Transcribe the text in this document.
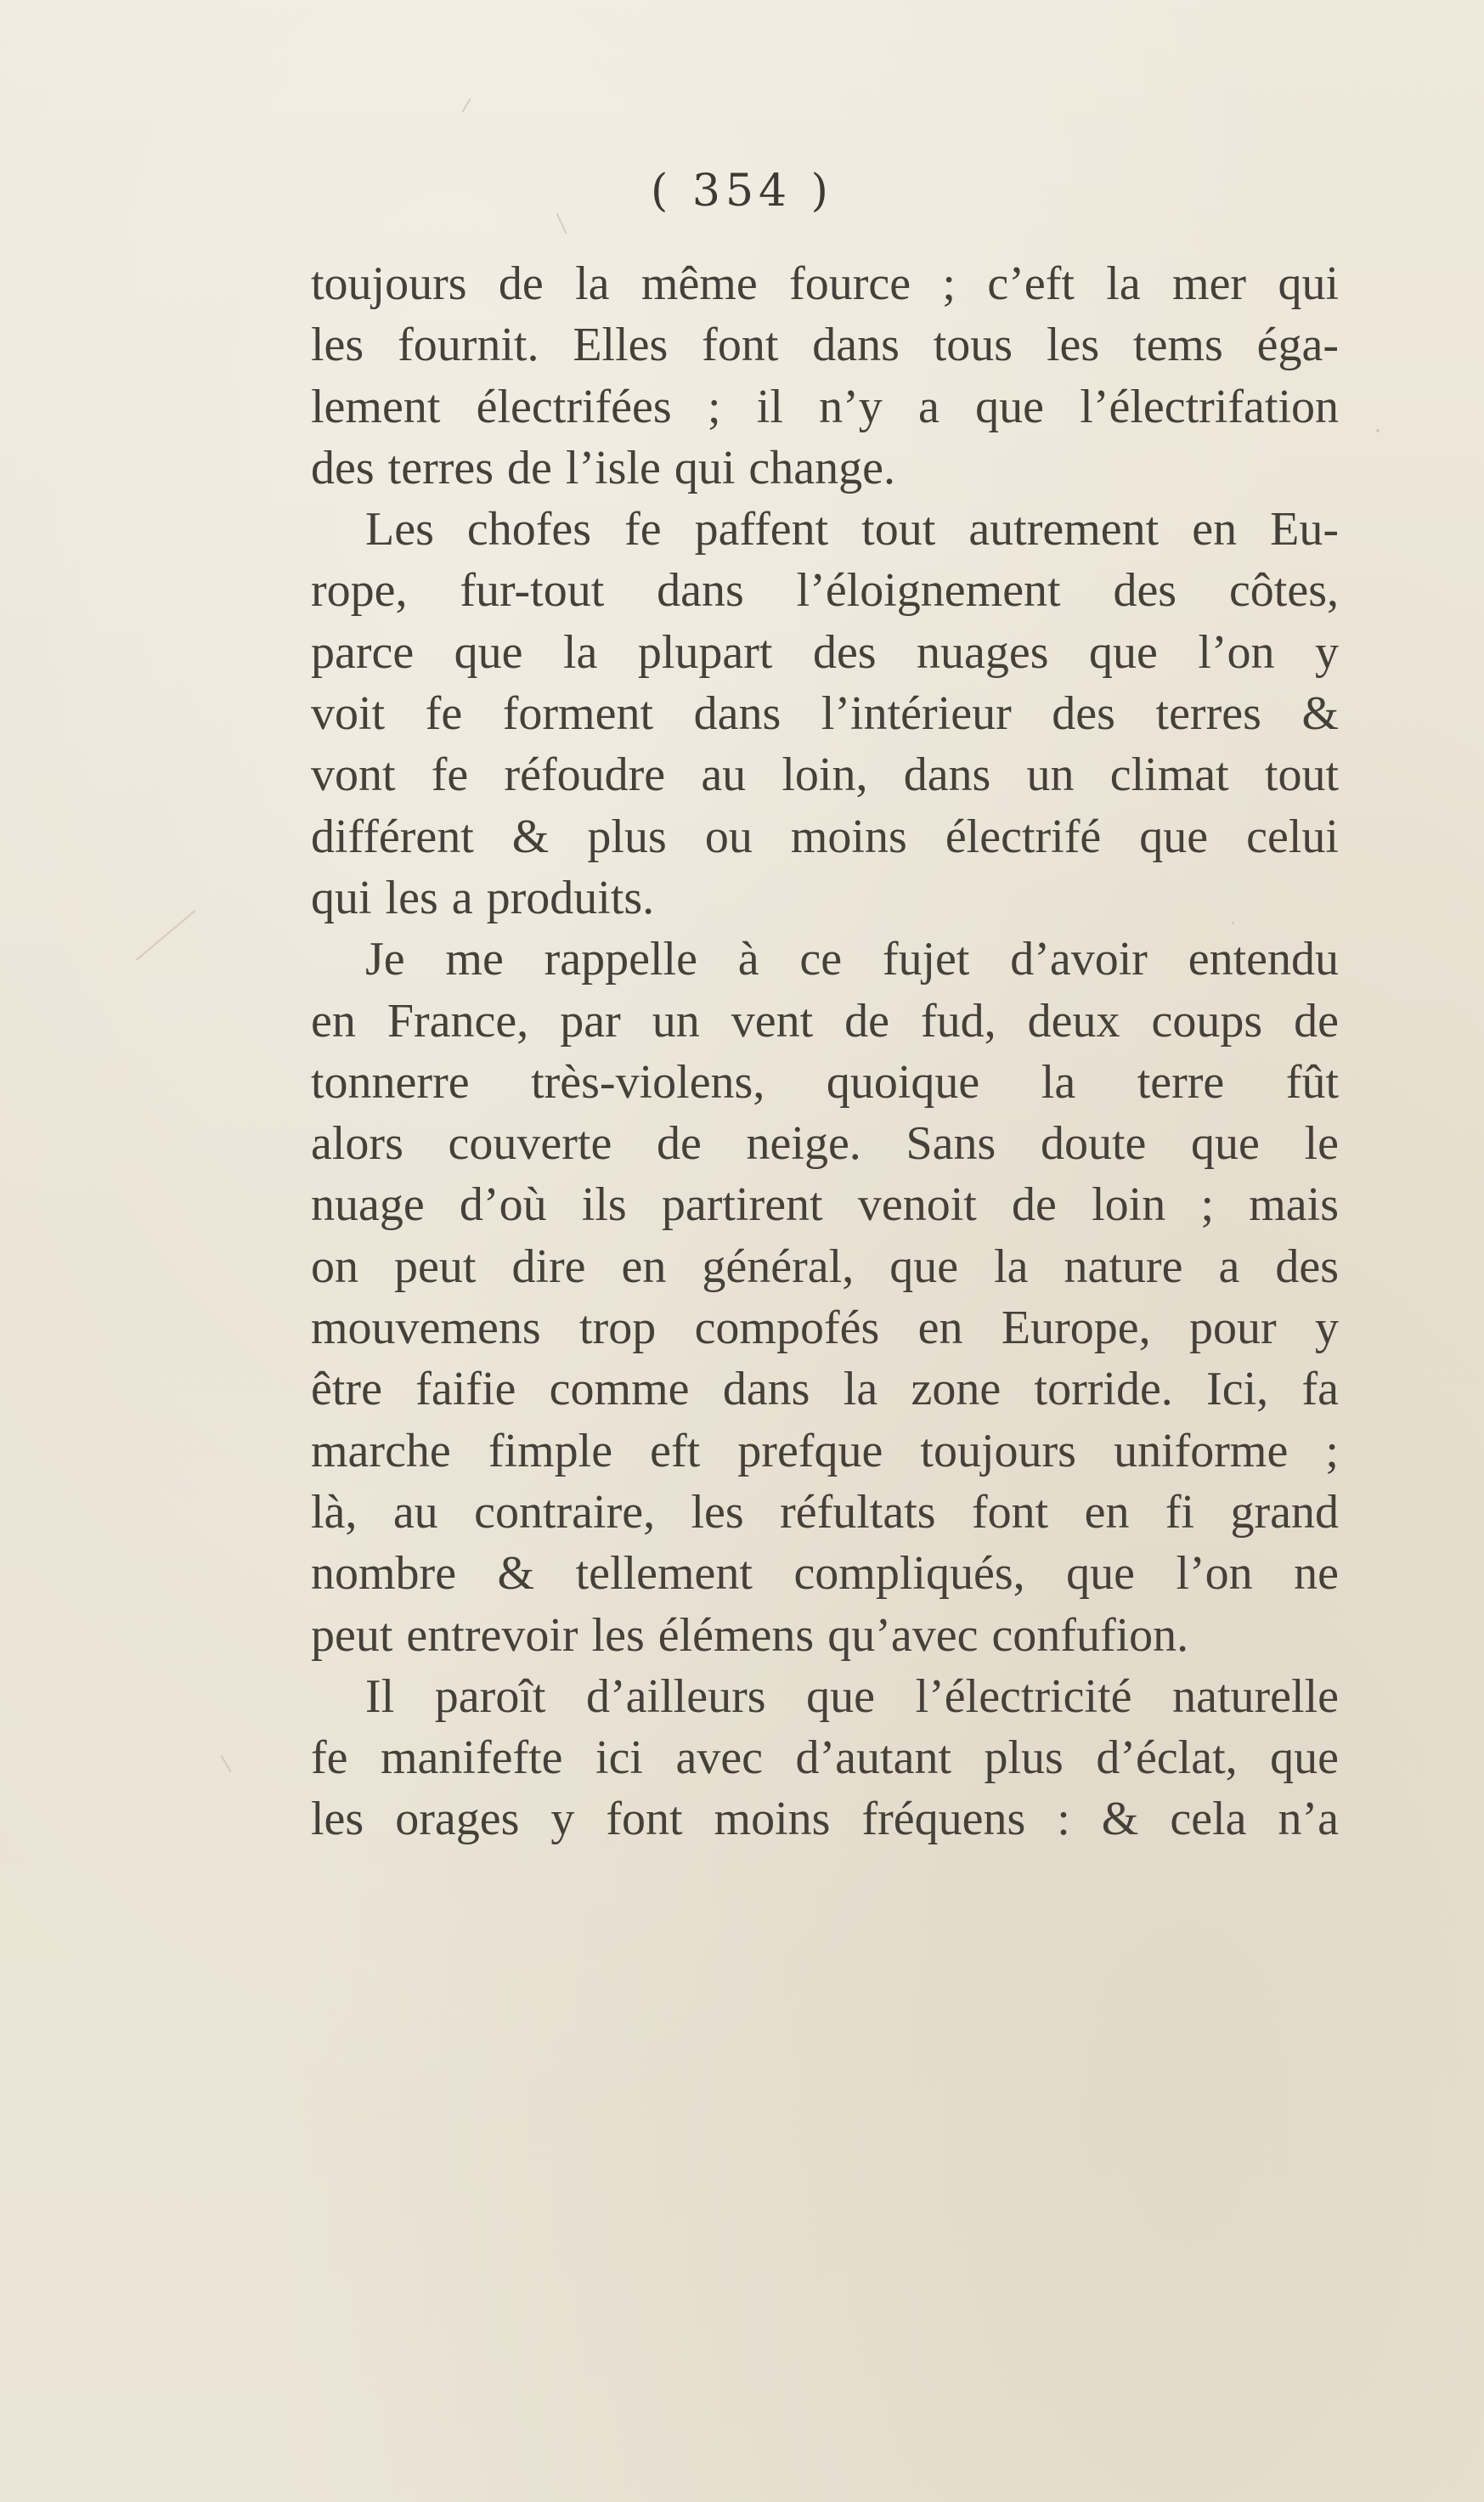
( 354 )
toujours de la même fource ; c’eft la mer qui
les fournit. Elles font dans tous les tems éga-
lement électrifées ; il n’y a que l’électrifation
des terres de l’isle qui change.
Les chofes fe paffent tout autrement en Eu-
rope, fur-tout dans l’éloignement des côtes,
parce que la plupart des nuages que l’on y
voit fe forment dans l’intérieur des terres &
vont fe réfoudre au loin, dans un climat tout
différent & plus ou moins électrifé que celui
qui les a produits.
Je me rappelle à ce fujet d’avoir entendu
en France, par un vent de fud, deux coups de
tonnerre très-violens, quoique la terre fût
alors couverte de neige. Sans doute que le
nuage d’où ils partirent venoit de loin ; mais
on peut dire en général, que la nature a des
mouvemens trop compofés en Europe, pour y
être faifie comme dans la zone torride. Ici, fa
marche fimple eft prefque toujours uniforme ;
là, au contraire, les réfultats font en fi grand
nombre & tellement compliqués, que l’on ne
peut entrevoir les élémens qu’avec confufion.
Il paroît d’ailleurs que l’électricité naturelle
fe manifefte ici avec d’autant plus d’éclat, que
les orages y font moins fréquens : & cela n’a
